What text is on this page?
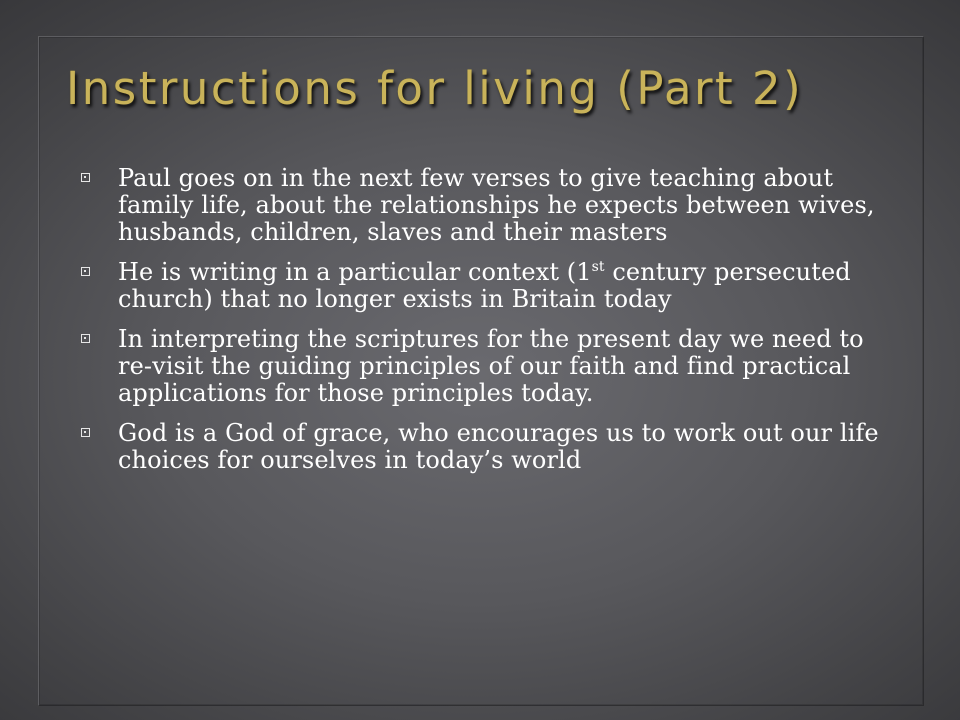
Instructions for living (Part 2)
Paul goes on in the next few verses to give teaching about family life, about the relationships he expects between wives, husbands, children, slaves and their masters
He is writing in a particular context (1st century persecuted church) that no longer exists in Britain today
In interpreting the scriptures for the present day we need to re-visit the guiding principles of our faith and find practical applications for those principles today.
God is a God of grace, who encourages us to work out our life choices for ourselves in today’s world
